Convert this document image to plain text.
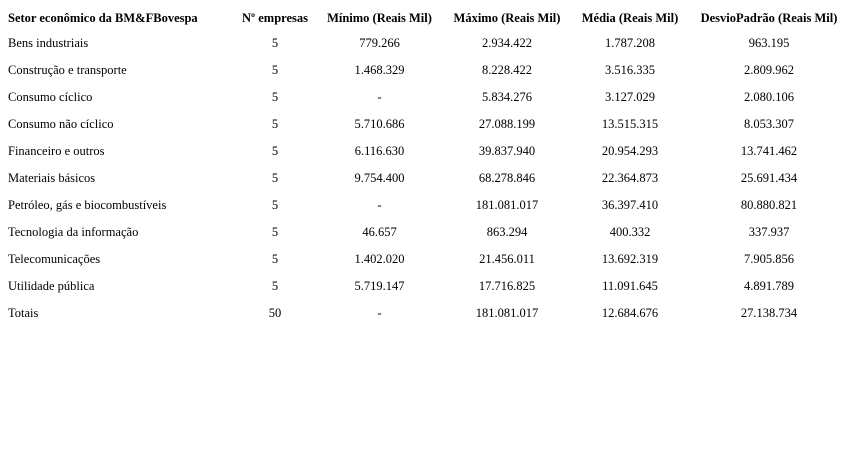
Setor econômico da BM&FBovespa	Nº empresas	Mínimo (Reais Mil)	Máximo (Reais Mil)	Média (Reais Mil)	DesvioPadrão (Reais Mil)
Bens industriais	5	779.266	2.934.422	1.787.208	963.195
Construção e transporte	5	1.468.329	8.228.422	3.516.335	2.809.962
Consumo cíclico	5	-	5.834.276	3.127.029	2.080.106
Consumo não cíclico	5	5.710.686	27.088.199	13.515.315	8.053.307
Financeiro e outros	5	6.116.630	39.837.940	20.954.293	13.741.462
Materiais básicos	5	9.754.400	68.278.846	22.364.873	25.691.434
Petróleo, gás e biocombustíveis	5	-	181.081.017	36.397.410	80.880.821
Tecnologia da informação	5	46.657	863.294	400.332	337.937
Telecomunicações	5	1.402.020	21.456.011	13.692.319	7.905.856
Utilidade pública	5	5.719.147	17.716.825	11.091.645	4.891.789
Totais	50	-	181.081.017	12.684.676	27.138.734
